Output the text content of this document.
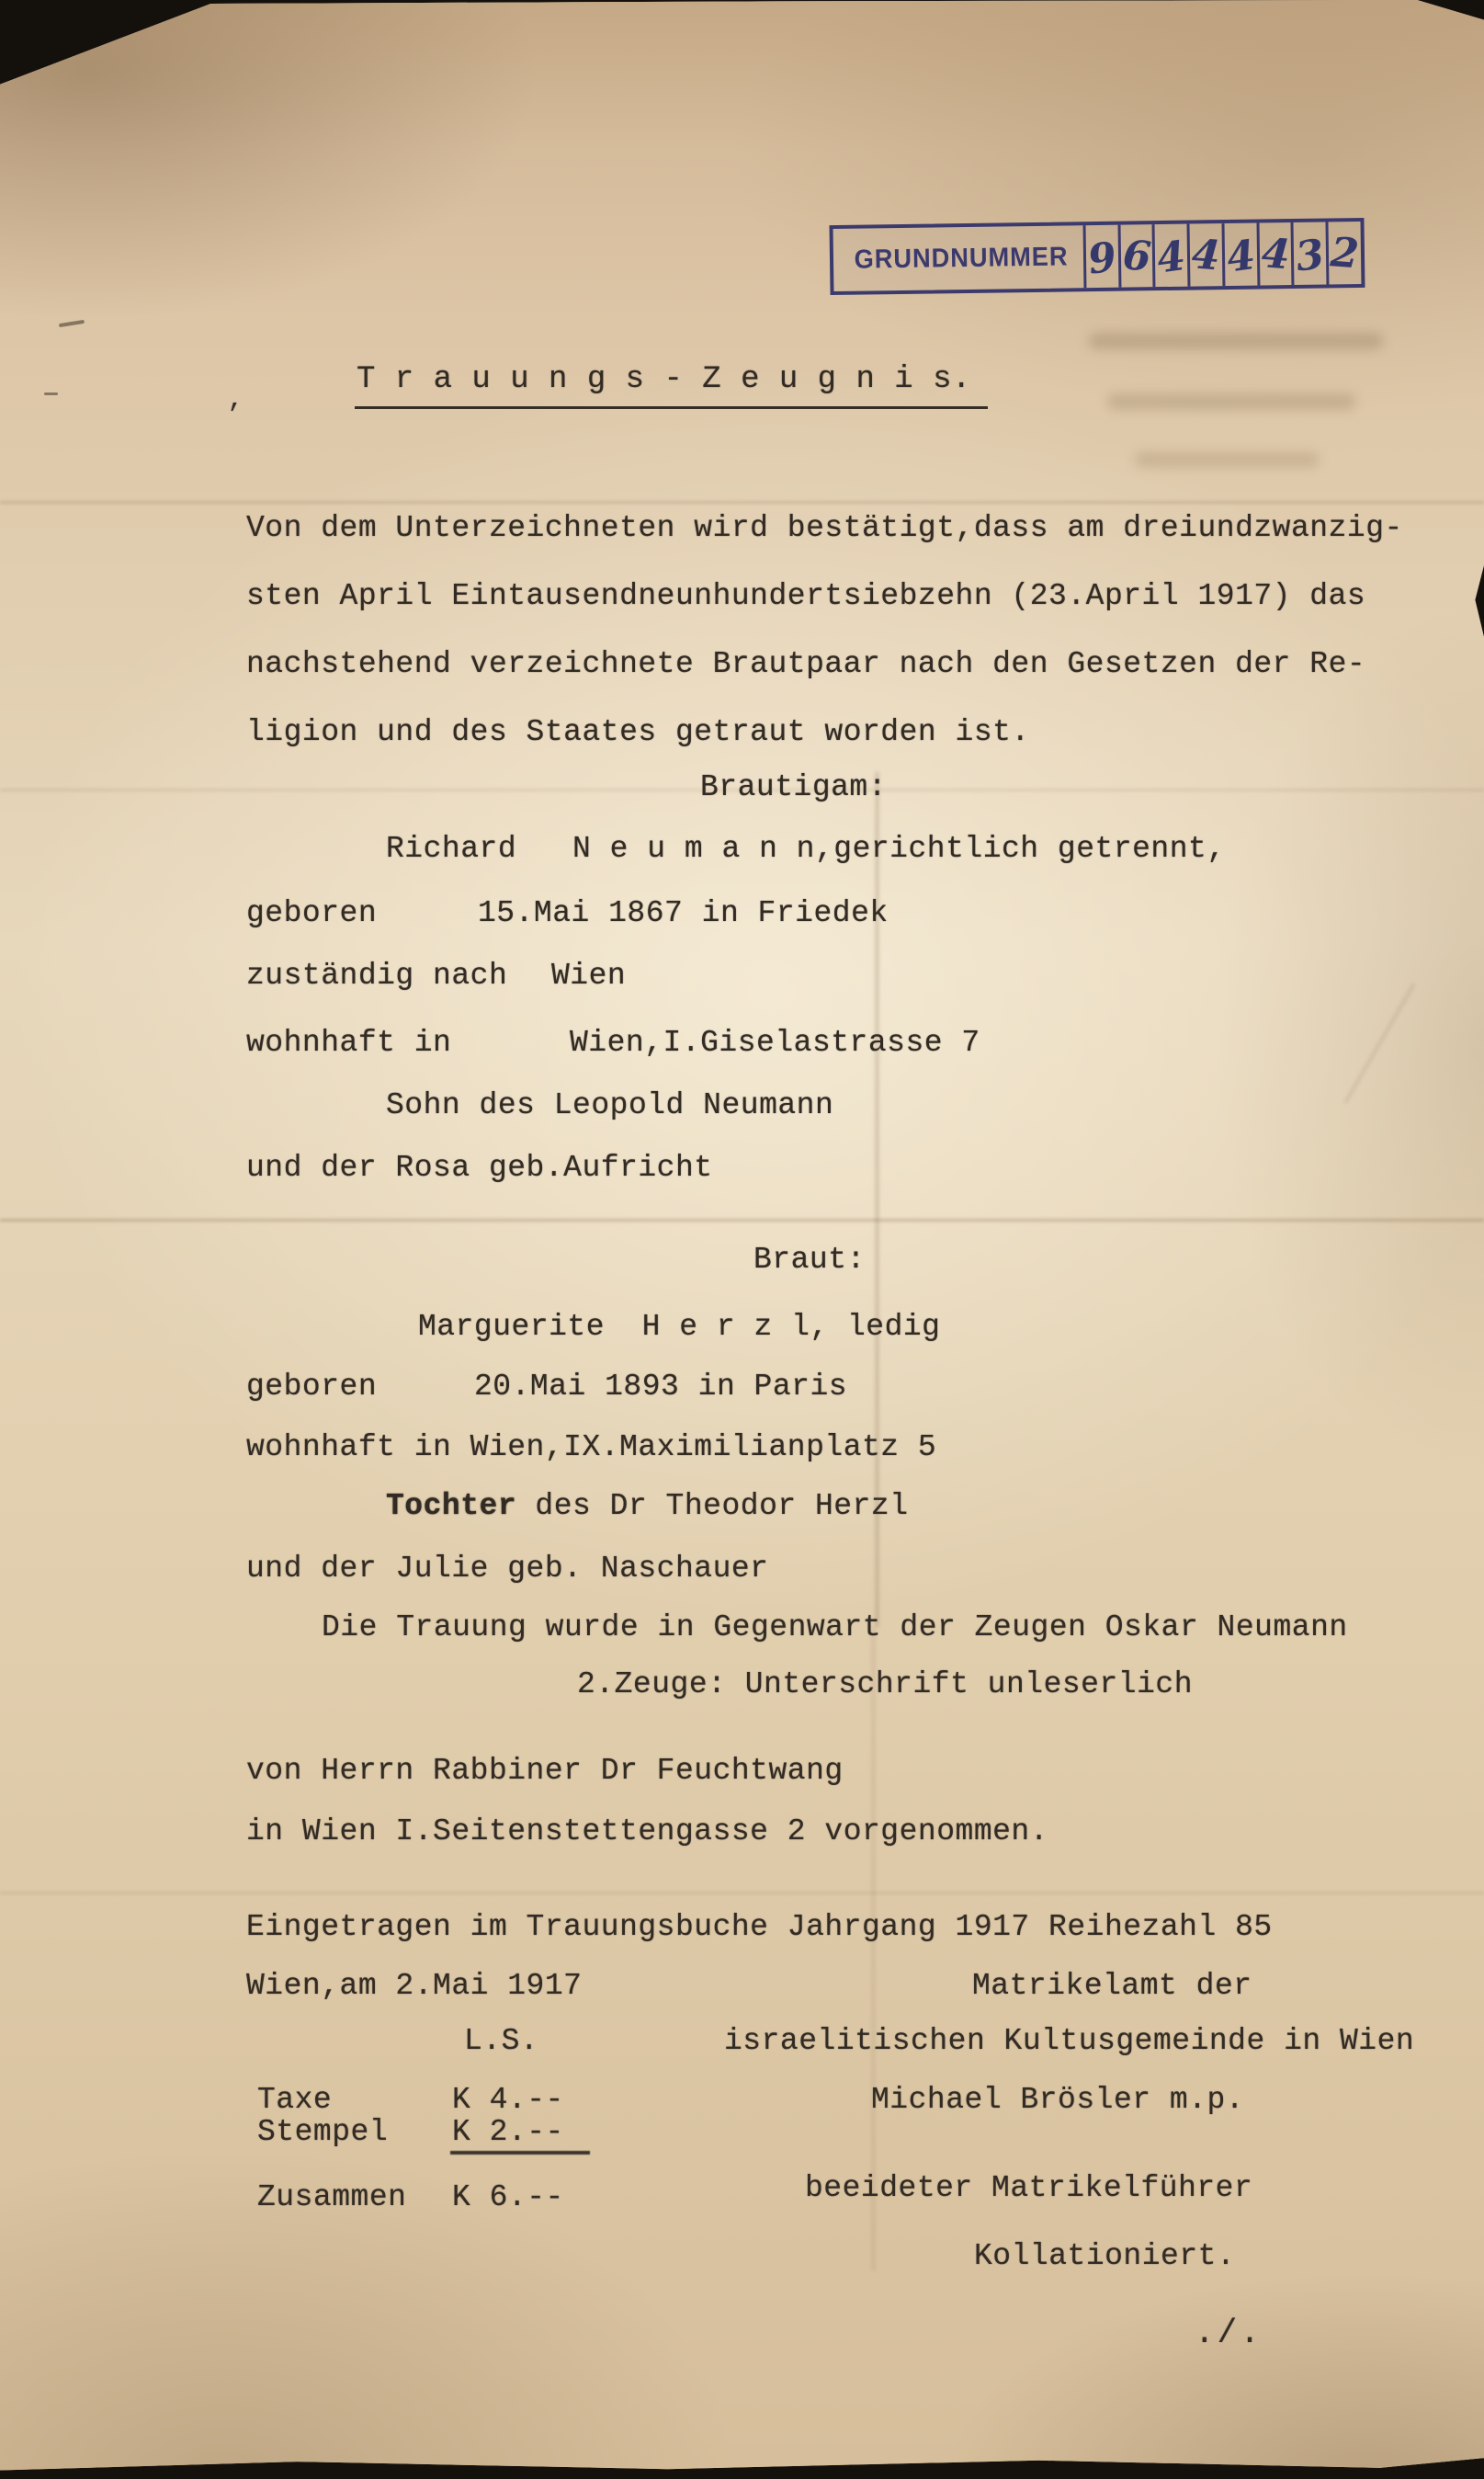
GRUNDNUMMER 9 6 4 4 4 4 3 2
,
T r a u u n g s - Z e u g n i s.
Von dem Unterzeichneten wird bestätigt,dass am dreiundzwanzig-
sten April Eintausendneunhundertsiebzehn (23.April 1917) das
nachstehend verzeichnete Brautpaar nach den Gesetzen der Re-
ligion und des Staates getraut worden ist.
Brautigam:
Richard   N e u m a n n,gerichtlich getrennt,
geboren	15.Mai 1867 in Friedek
zuständig nach Wien
wohnhaft in	Wien,I.Giselastrasse 7
Sohn des Leopold Neumann
und der Rosa geb.Aufricht
Braut:
Marguerite  H e r z l, ledig
geboren	20.Mai 1893 in Paris
wohnhaft in Wien,IX.Maximilianplatz 5
Tochter des Dr Theodor Herzl
und der Julie geb. Naschauer
Die Trauung wurde in Gegenwart der Zeugen Oskar Neumann
2.Zeuge: Unterschrift unleserlich
von Herrn Rabbiner Dr Feuchtwang
in Wien I.Seitenstettengasse 2 vorgenommen.
Eingetragen im Trauungsbuche Jahrgang 1917 Reihezahl 85
Wien,am 2.Mai 1917	Matrikelamt der
L.S.	israelitischen Kultusgemeinde in Wien
Michael Brösler m.p.
beeideter Matrikelführer
Kollationiert.
Taxe	K 4.--
Stempel K 2.--
Zusammen K 6.--
./.
